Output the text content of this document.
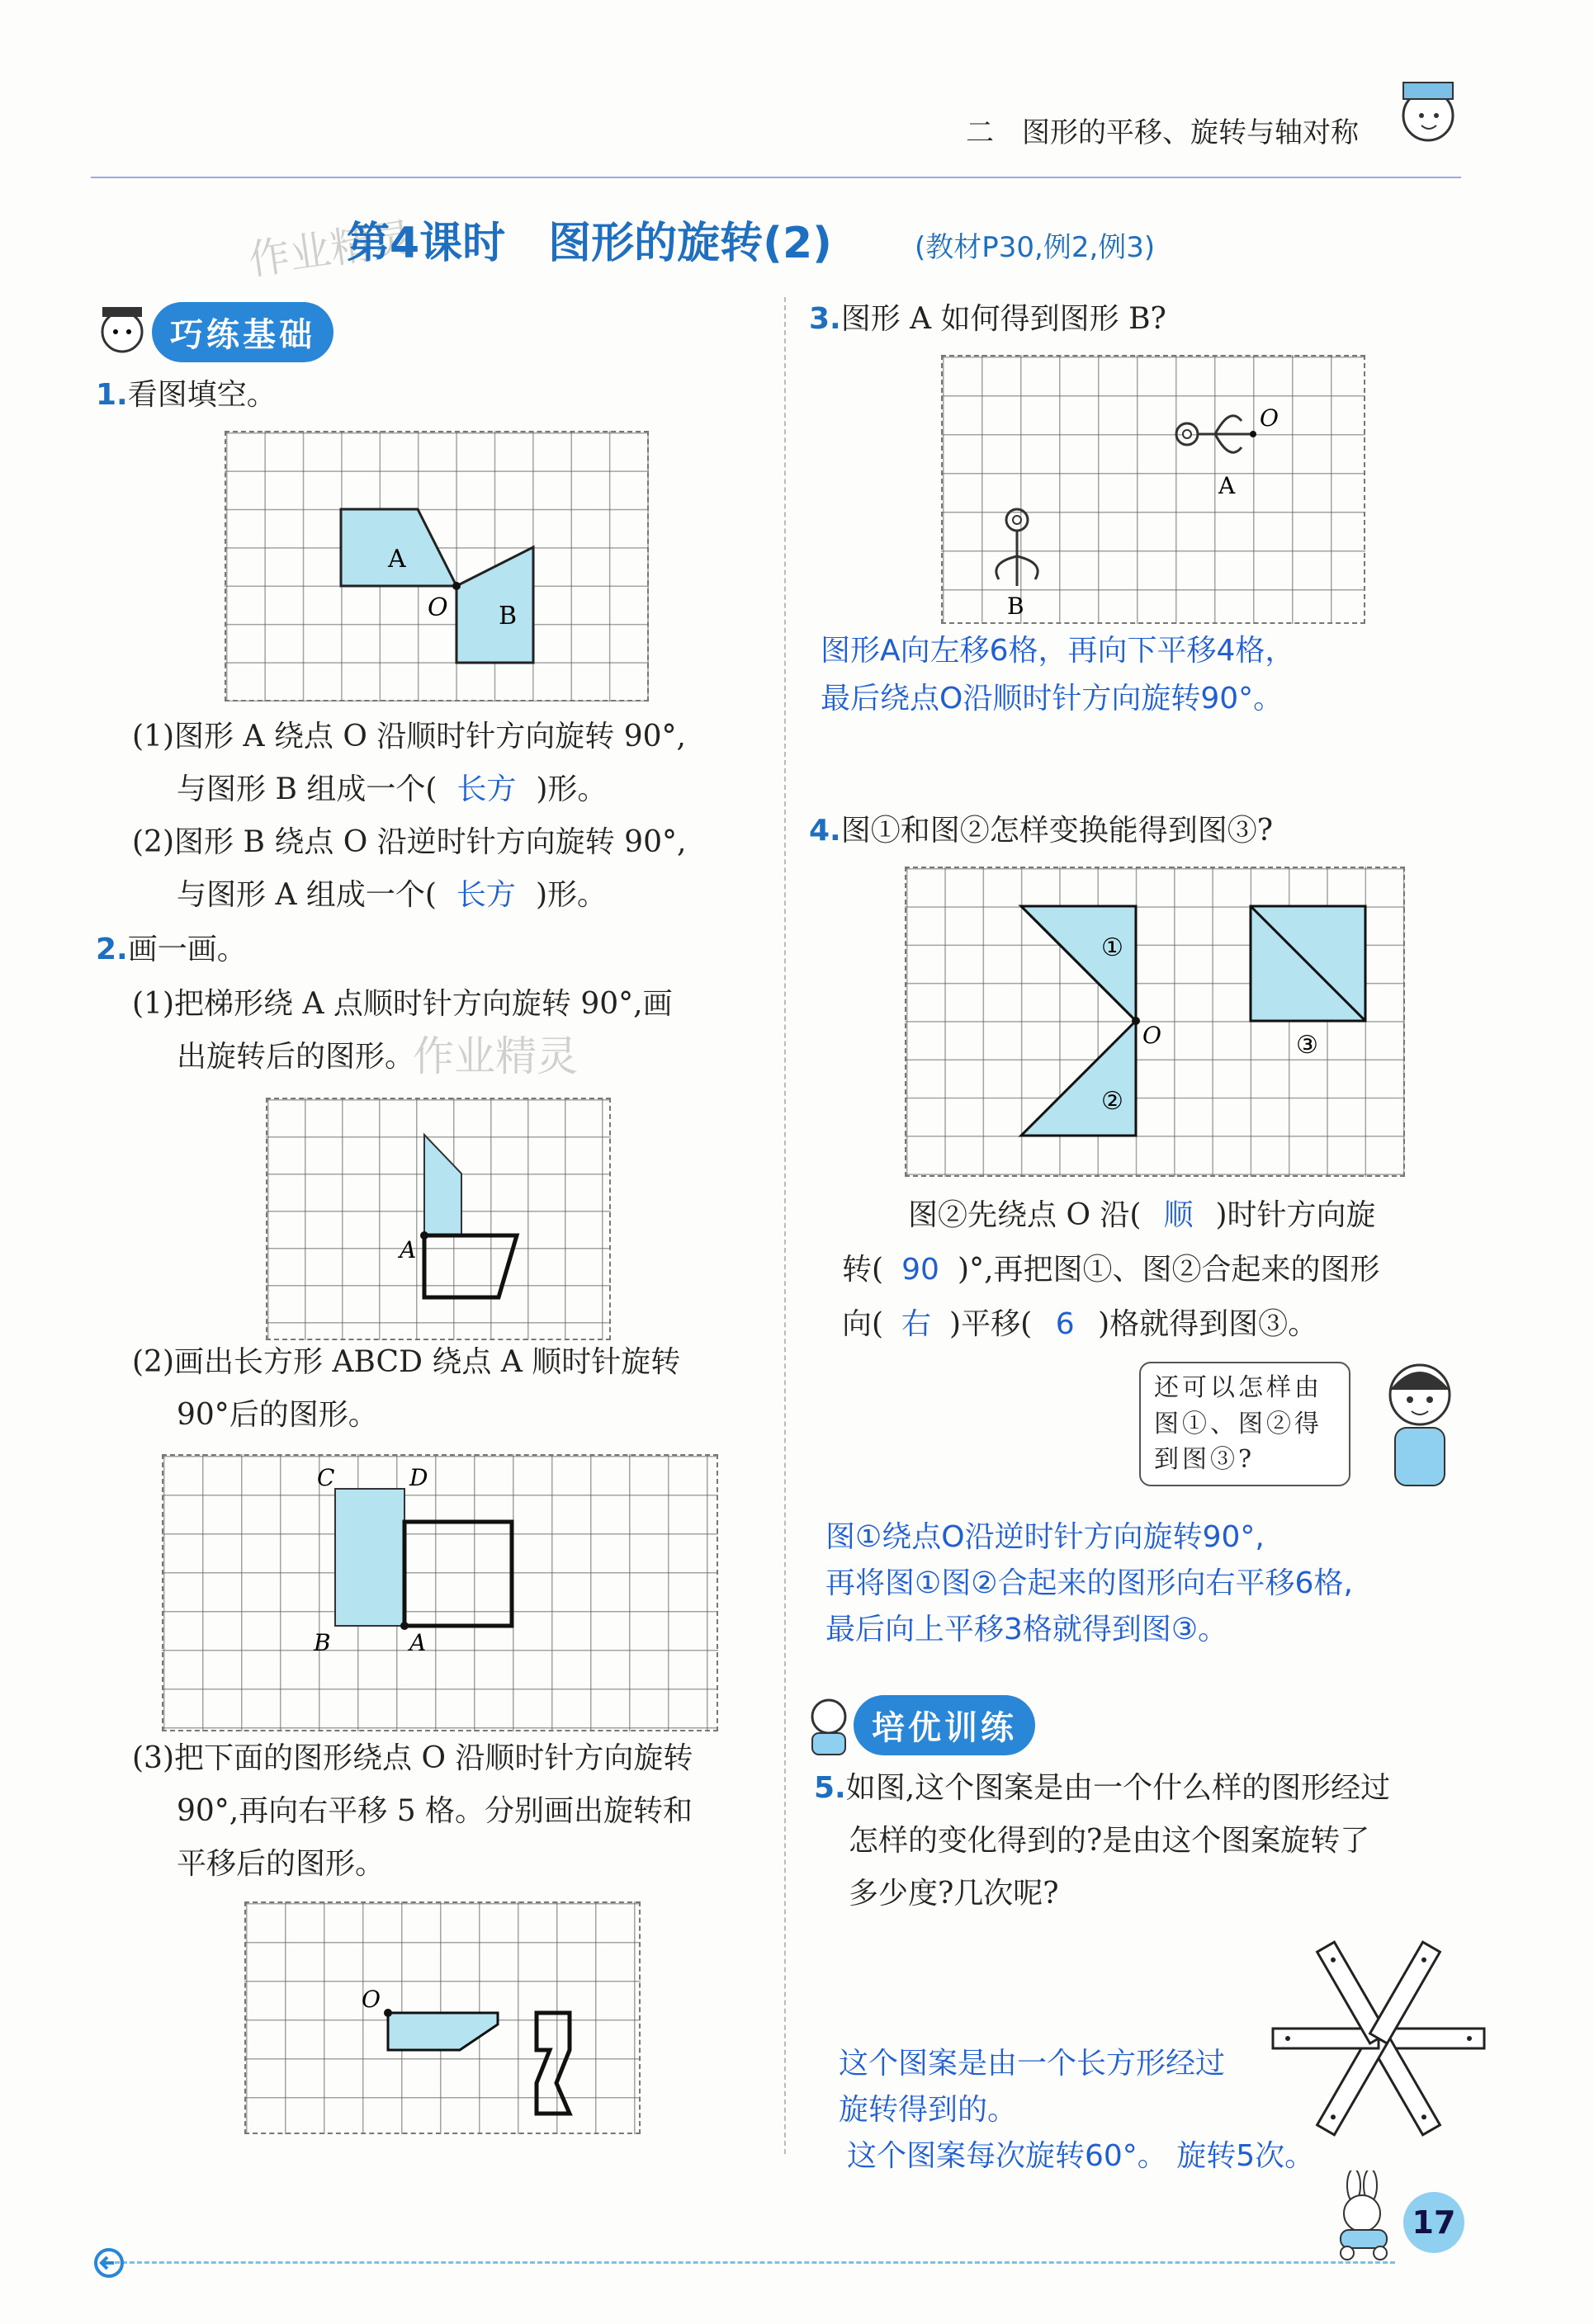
二　图形的平移、旋转与轴对称
作业精灵
第4课时　图形的旋转(2)	(教材P30,例2,例3)
巧练基础
1.看图填空。
A
B
O
(1)图形 A 绕点 O 沿顺时针方向旋转 90°,
与图形 B 组成一个( 长方 )形。
(2)图形 B 绕点 O 沿逆时针方向旋转 90°,
与图形 A 组成一个( 长方 )形。
2.画一画。
(1)把梯形绕 A 点顺时针方向旋转 90°,画
出旋转后的图形。
作业精灵
A
(2)画出长方形 ABCD 绕点 A 顺时针旋转
90°后的图形。
C	D
B	A
(3)把下面的图形绕点 O 沿顺时针方向旋转
90°,再向右平移 5 格。分别画出旋转和
平移后的图形。
O
3.图形 A 如何得到图形 B?
O
A
B
图形A向左移6格，再向下平移4格，
最后绕点O沿顺时针方向旋转90°。
4.图①和图②怎样变换能得到图③?
O
①
②
③
图②先绕点 O 沿( 顺 )时针方向旋
转( 90 )°,再把图①、图②合起来的图形
向( 右 )平移( 6 )格就得到图③。
还可以怎样由
图①、图②得
到图③?
图①绕点O沿逆时针方向旋转90°,
再将图①图②合起来的图形向右平移6格,
最后向上平移3格就得到图③。
培优训练
5.如图,这个图案是由一个什么样的图形经过
怎样的变化得到的?是由这个图案旋转了
多少度?几次呢?
这个图案是由一个长方形经过
旋转得到的。
这个图案每次旋转60°。 旋转5次。
17
